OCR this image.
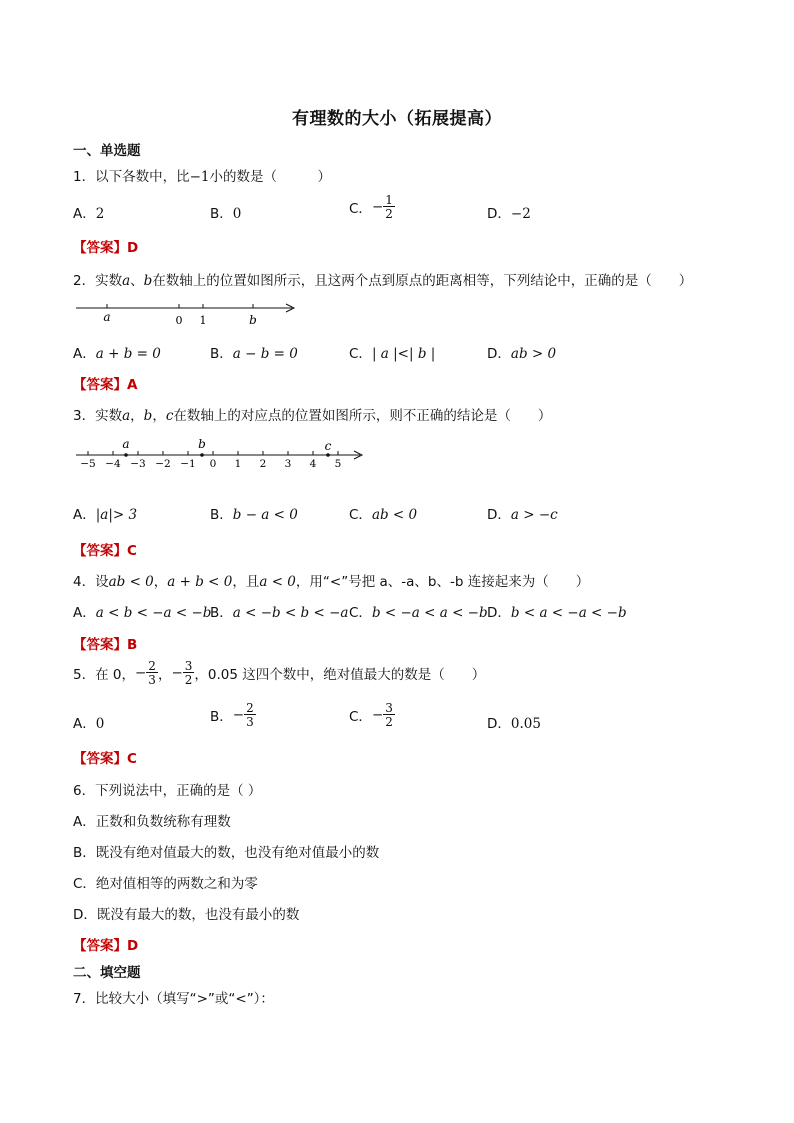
有理数的大小（拓展提高）
一、单选题
1．以下各数中，比−1小的数是（　　　）
A．2	B．0	C．− $\frac{1}{2}$	D．−2
【答案】D
2．实数a、b在数轴上的位置如图所示，且这两个点到原点的距离相等，下列结论中，正确的是（　　）
a	0 1	b
A．a + b = 0	B．a − b = 0	C．| a |<| b |	D．ab > 0
【答案】A
3．实数a，b，c在数轴上的对应点的位置如图所示，则不正确的结论是（　　）
−5 −4 −3 −2 −1 0 1 2 3 4 5
a	b	c
A．|a|> 3	B．b − a < 0	C．ab < 0	D．a > −c
【答案】C
4．设ab < 0，a + b < 0，且a < 0，用“<”号把 a、-a、b、-b 连接起来为（　　）
A．a < b < −a < −b
B．a < −b < b < −a C．b < −a < a < −b D．b < a < −a < −b
【答案】B
5．在 0，− $\frac{2}{3}$ ，− $\frac{3}{2}$ ，0.05 这四个数中，绝对值最大的数是（　　）
A．0	B．− $\frac{2}{3}$	C．− $\frac{3}{2}$	D．0.05
【答案】C
6．下列说法中，正确的是（ ）
A．正数和负数统称有理数
B．既没有绝对值最大的数，也没有绝对值最小的数
C．绝对值相等的两数之和为零
D．既没有最大的数，也没有最小的数
【答案】D
二、填空题
7．比较大小（填写“>”或“<”）：
